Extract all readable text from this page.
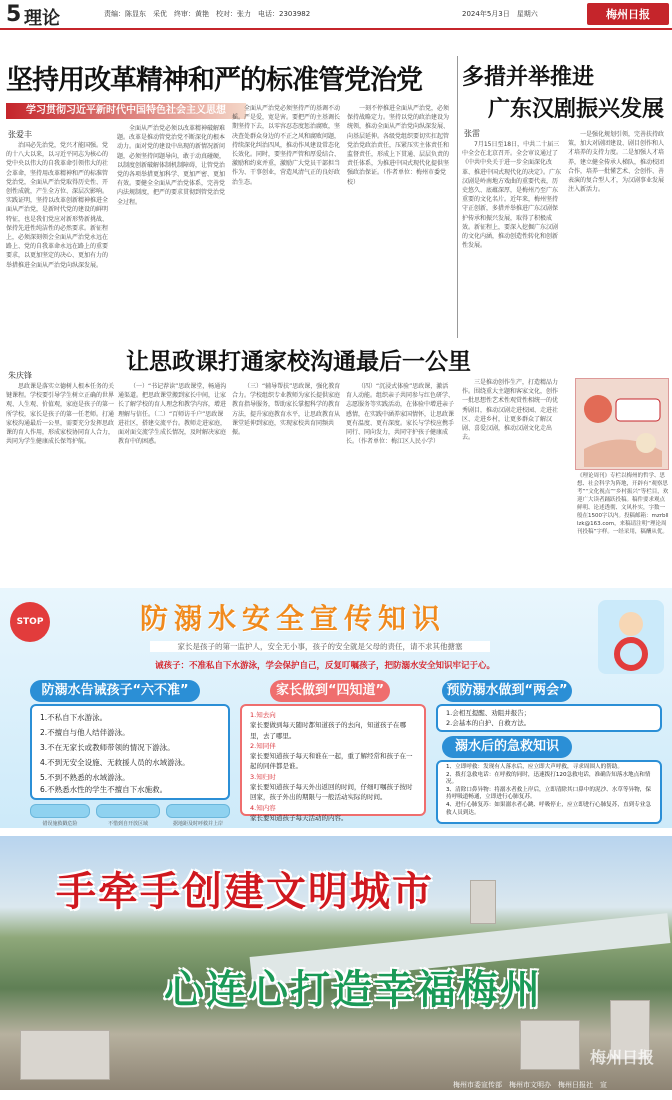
5 理论	责编：陈显东　采优　终审：黄艳　校对：张力　电话：2303982	2024年5月3日　星期六	梅州日报
坚持用改革精神和严的标准管党治党
学习贯彻习近平新时代中国特色社会主义思想
张爱丰
治国必先治党，党兴才能国强。党的十八大以来，以习近平同志为核心的党中央以伟大的自我革命引领伟大的社会革命，坚持用改革精神和严的标准管党治党，全面从严治党取得历史性、开创性成就，产生全方位、深层次影响。实践证明，坚持以改革创新精神推进全面从严治党，是新时代党的建设的鲜明特征，也是我们党应对新形势新挑战、保持先进性纯洁性的必然要求。新征程上，必须深刻领会全面从严治党永远在路上、党的自我革命永远在路上的重要要求，以更加坚定的决心、更加有力的举措推进全面从严治党向纵深发展。
全面从严治党必须以改革精神破解难题。改革是推动管党治党不断深化的根本动力。面对党的建设中出现的新情况新问题，必须坚持问题导向，敢于动真碰硬，以制度创新破解体制机制障碍，让管党治党的各项举措更加科学、更加严密、更加有效。要健全全面从严治党体系，完善党内法规制度，把严的要求贯彻到管党治党全过程。
全面从严治党必须坚持严的基调不动摇。严是爱，宽是害。要把严的主基调长期坚持下去，以零容忍态度惩治腐败，坚决查处群众身边的不正之风和腐败问题，持续深化纠治四风，推动作风建设常态化长效化。同时，要坚持严管和厚爱结合、激励和约束并重，激励广大党员干部担当作为、干事创业，营造风清气正的良好政治生态。
一刻不停推进全面从严治党，必须保持战略定力。坚持以党的政治建设为统领，推动全面从严治党向纵深发展、向基层延伸。各级党组织要切实扛起管党治党政治责任，压紧压实主体责任和监督责任，形成上下贯通、层层负责的责任体系，为推进中国式现代化提供坚强政治保证。（作者单位：梅州市委党校）
多措并举推进
广东汉剧振兴发展
张雷
7月15日至18日，中共二十届三中全会在北京召开。全会审议通过了《中共中央关于进一步全面深化改革、推进中国式现代化的决定》。广东汉剧是岭南地方戏曲的重要代表，历史悠久、底蕴深厚，是梅州乃至广东重要的文化名片。近年来，梅州坚持守正创新，多措并举推进广东汉剧保护传承和振兴发展，取得了积极成效。新征程上，要深入挖掘广东汉剧的文化内涵，推动创造性转化和创新性发展。
一是强化规划引领，完善扶持政策，加大对剧团建设、剧目创作和人才培养的支持力度。二是加强人才培养，建立健全传承人梯队，推动校团合作，培养一批懂艺术、会创作、善表演的复合型人才，为汉剧事业发展注入新活力。
三是推动创作生产，打造精品力作。围绕重大主题和客家文化，创作一批思想性艺术性观赏性相统一的优秀剧目，推动汉剧走进校园、走进社区、走进乡村，让更多群众了解汉剧、喜爱汉剧，推动汉剧文化走出去。
《理论周刊》专栏以梅州的哲学、思想、社会科学为阵地，开辟有“观察思考”“文化视点”“乡村振兴”等栏目，欢迎广大读者踊跃投稿。稿件要求观点鲜明、论述透彻、文风朴实，字数一般在1500字以内。投稿邮箱：mzrblllzk@163.com，来稿请注明“理论周刊投稿”字样。一经采用，稿酬从优。
让思政课打通家校沟通最后一公里
朱庆锋
思政课是落实立德树人根本任务的关键课程。学校要引导学生树立正确的世界观、人生观、价值观，家庭是孩子的第一所学校，家长是孩子的第一任老师。打通家校沟通最后一公里，需要充分发挥思政课的育人作用，形成家校协同育人合力，共同为学生健康成长保驾护航。
（一）“书记荐读”思政课堂，畅通沟通渠道。把思政课堂搬到家长中间，让家长了解学校的育人理念和教学内容，增进理解与信任。（二）“百师访千户”思政课进社区，搭建交流平台。教师走进家庭，面对面交流学生成长情况，及时解决家庭教育中的困惑。
（三）“辅导帮扶”思政课，强化教育合力。学校组织专业教师为家长提供家庭教育指导服务，帮助家长掌握科学的教育方法，提升家庭教育水平，让思政教育从课堂延伸到家庭，实现家校共育同频共振。
（四）“沉浸式体验”思政课，激活育人动能。组织亲子共同参与红色研学、志愿服务等实践活动，在体验中增进亲子感情，在实践中涵养家国情怀，让思政课更有温度、更有深度。家长与学校应携手同行、同向发力，共同守护孩子健康成长。（作者单位：梅江区人民小学）
STOP	防溺水安全宣传知识
家长是孩子的第一监护人，安全无小事，孩子的安全就是父母的责任，请不求其他搪塞
诫孩子：不准私自下水游泳，学会保护自己，反复叮嘱孩子，把防溺水安全知识牢记于心。
防溺水告诫孩子“六不准”
1.不私自下水游泳。
2.不擅自与他人结伴游泳。
3.不在无家长或教师带领的情况下游泳。
4.不到无安全设施、无救援人员的水域游泳。
5.不到不熟悉的水域游泳。
6.不熟悉水性的学生不擅自下水施救。
错误施救戳危险	不惜到自开放区域	据地距及时呼救并上岸
家长做到“四知道”
1.知去向
家长要做到每天随时都知道孩子的去向，知道孩子在哪里，去了哪里。
2.知同伴
家长要知道孩子每天和谁在一起，重了解经常和孩子在一起的同伴都是谁。
3.知归时
家长要知道孩子每天外出返回的时间，仔细叮嘱孩子按时回家，孩子外出的期限与一般活动实际的时间。
4.知内容
家长要知道孩子每天活动的内容。
预防溺水做到“两会”
1.会相互提醒、劝阻并报告；
2.会基本的自护、自救方法。
溺水后的急救知识
1、立即呼救：发现有人落水后，应立即大声呼救，寻求周围人的帮助。
2、拨打急救电话：在呼救的同时，迅速拨打120急救电话，准确告知落水地点和情况。
3、清除口鼻异物：将溺水者救上岸后，立即清除其口鼻中的泥沙、水草等异物，保持呼吸道畅通，立即进行心肺复苏。
4、进行心肺复苏：如果溺水者心跳、呼吸停止，应立即进行心肺复苏，直到专业急救人员到达。
手牵手创建文明城市
心连心打造幸福梅州
梅州日报
梅州市委宣传部　梅州市文明办　梅州日报社　宣
